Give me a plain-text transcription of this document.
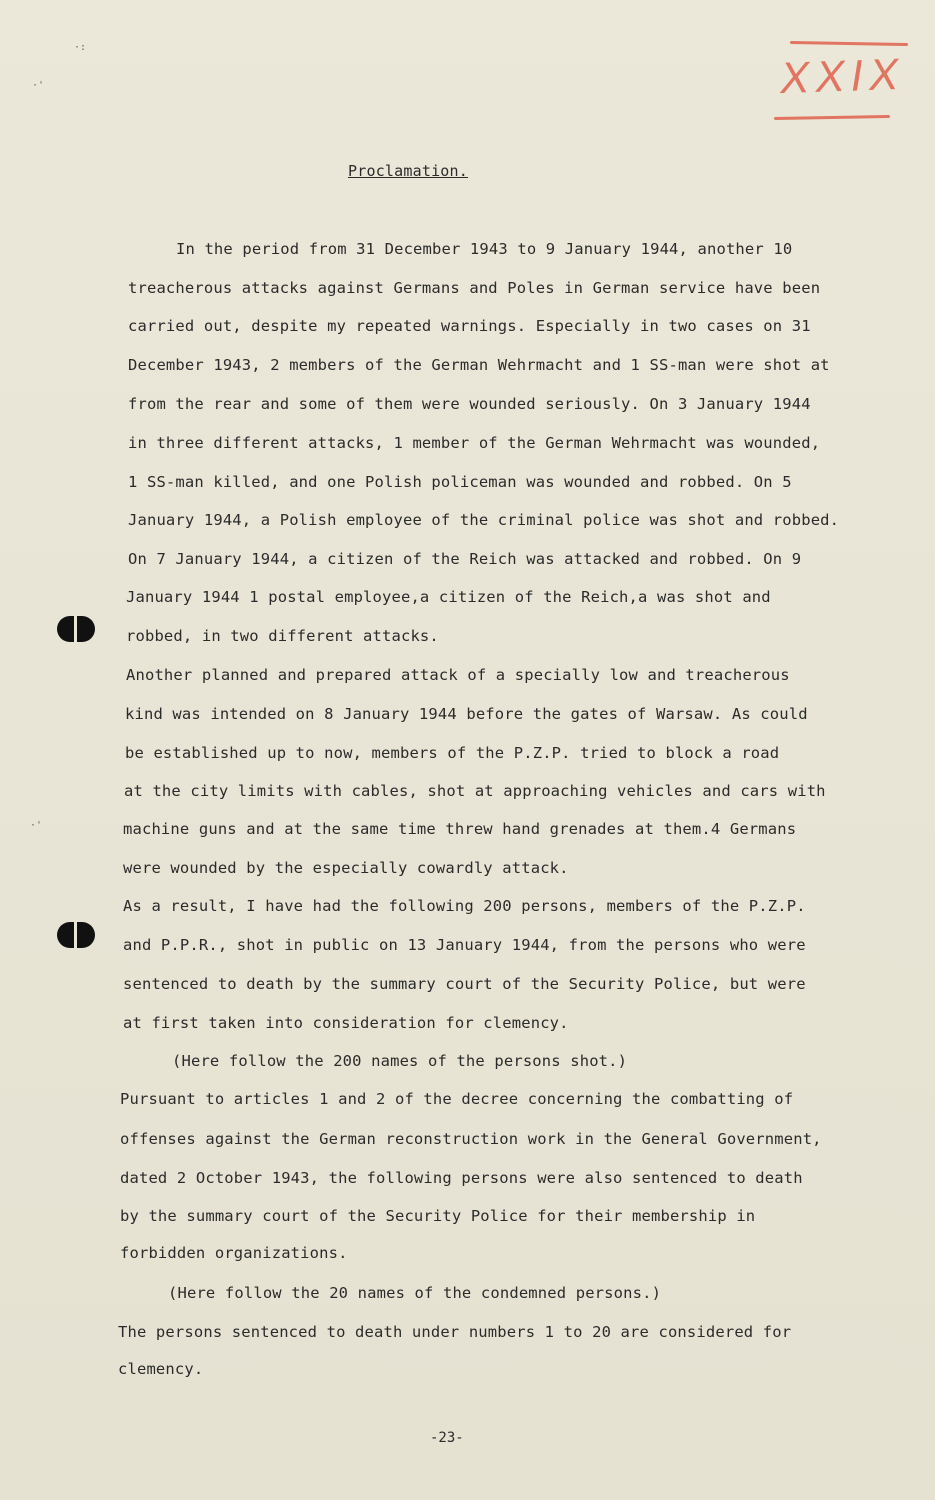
XXIX
·:
·'
·'
Proclamation.
In the period from 31 December 1943 to 9 January 1944, another 10
treacherous attacks against Germans and Poles in German service have been
carried out, despite my repeated warnings. Especially in two cases on 31
December 1943, 2 members of the German Wehrmacht and 1 SS-man were shot at
from the rear and some of them were wounded seriously. On 3 January 1944
in three different attacks, 1 member of the German Wehrmacht was wounded,
1 SS-man killed, and one Polish policeman was wounded and robbed. On 5
January 1944, a Polish employee of the criminal police was shot and robbed.
On 7 January 1944, a citizen of the Reich was attacked and robbed. On 9
January 1944 1 postal employee,a citizen of the Reich,a was shot and
robbed, in two different attacks.
Another planned and prepared attack of a specially low and treacherous
kind was intended on 8 January 1944 before the gates of Warsaw. As could
be established up to now, members of the P.Z.P. tried to block a road
at the city limits with cables, shot at approaching vehicles and cars with
machine guns and at the same time threw hand grenades at them.4 Germans
were wounded by the especially cowardly attack.
As a result, I have had the following 200 persons, members of the P.Z.P.
and P.P.R., shot in public on 13 January 1944, from the persons who were
sentenced to death by the summary court of the Security Police, but were
at first taken into consideration for clemency.
(Here follow the 200 names of the persons shot.)
Pursuant to articles 1 and 2 of the decree concerning the combatting of
offenses against the German reconstruction work in the General Government,
dated 2 October 1943, the following persons were also sentenced to death
by the summary court of the Security Police for their membership in
forbidden organizations.
(Here follow the 20 names of the condemned persons.)
The persons sentenced to death under numbers 1 to 20 are considered for
clemency.
-23-
